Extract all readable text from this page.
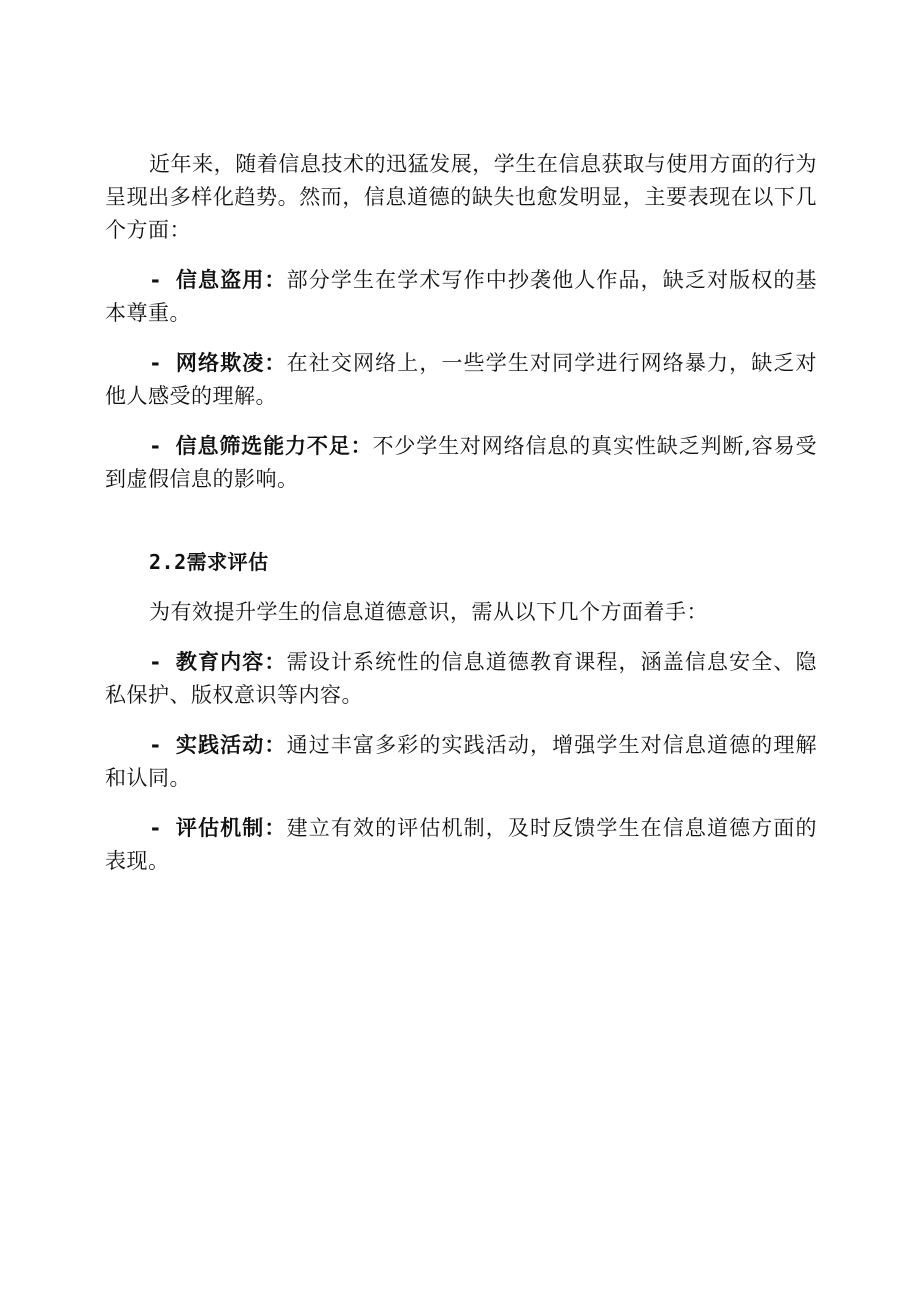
近年来，随着信息技术的迅猛发展，学生在信息获取与使用方面的行为呈现出多样化趋势。然而，信息道德的缺失也愈发明显，主要表现在以下几个方面：

- 信息盗用：部分学生在学术写作中抄袭他人作品，缺乏对版权的基本尊重。

- 网络欺凌：在社交网络上，一些学生对同学进行网络暴力，缺乏对他人感受的理解。

- 信息筛选能力不足：不少学生对网络信息的真实性缺乏判断,容易受到虚假信息的影响。

2.2需求评估

为有效提升学生的信息道德意识，需从以下几个方面着手：

- 教育内容：需设计系统性的信息道德教育课程，涵盖信息安全、隐私保护、版权意识等内容。

- 实践活动：通过丰富多彩的实践活动，增强学生对信息道德的理解和认同。

- 评估机制：建立有效的评估机制，及时反馈学生在信息道德方面的表现。
